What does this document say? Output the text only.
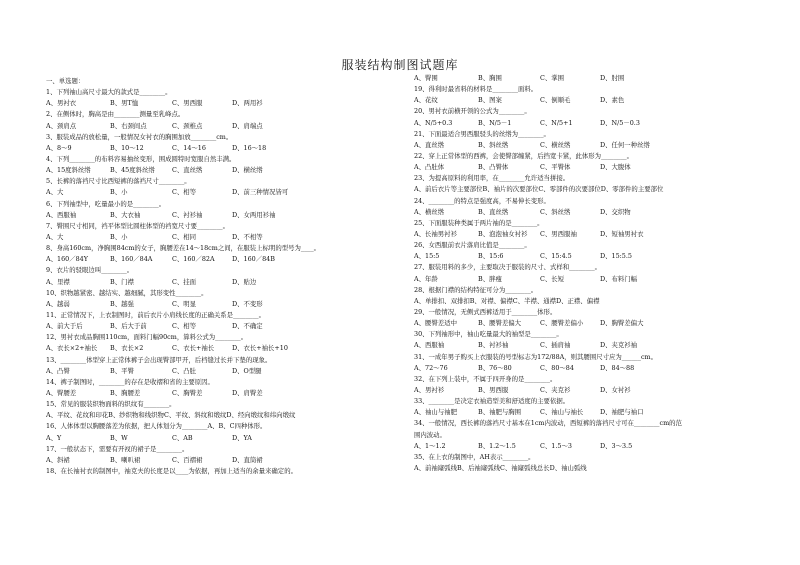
服装结构制图试题库
一、单选题：
1、下列袖山高尺寸最大的款式是________。
A、男衬衣	B、男T恤	C、男西服	D、两用衫
2、在侧体时，胸高是由________测量至乳峰点。
A、颈肩点	B、右颈间点	C、颈椎点	D、肩端点
3、服装成品的放松量，一般情况女衬衣的胸围加放________cm。
A、8～9	B、10～12	C、14～16	D、16～18
4、下列________的布料容易抽丝变形，围成圆特时宽服自然丰满。
A、15度斜丝绺	B、45度斜丝绺	C、直丝绺	D、横丝绺
5、长裤的落裆尺寸比西短裤的落裆尺寸________。
A、大	B、小	C、相等	D、前三种情况皆可
6、下列袖型中，吃量最小的是________。
A、西服袖	B、大衣袖	C、衬衫袖	D、女两用衫袖
7、臀围尺寸相同，裆平体型比圆柱体型的裆宽尺寸要________。
A、大	B、小	C、相同	D、不相等
8、身高160cm，净胸围84cm的女子，胸腰差在14～18cm之间，在服装上标明的型号为____。
A、160／84Y	B、160／84A	C、160／82A	D、160／84B
9、衣片的驳眼边叫________。
A、里襟	B、门襟	C、挂面	D、贴边
10、织物越紧密、越结实、越细腻，其形变性________。
A、越弱	B、越强	C、明显	D、不变形
11、正常情况下，上衣制图时，前后衣片小肩线长度的正确关系是________。
A、前大于后	B、后大于前	C、相等	D、不确定
12、男衬衣成品胸围110cm，面料门幅90cm，算料公式为________。
A、衣长×2+袖长	B、衣长×2	C、衣长+袖长	D、衣长+袖长+10
13、________体型穿上正常体裤子会出现臀部甲开，后档缝过长并下垫的现象。
A、凸臀	B、平臀	C、凸肚	D、O型腿
14、裤子制图时，________的存在是收褶和省的主要原因。
A、臀腰差	B、胸腰差	C、胸臀差	D、肩臀差
15、常见的服装织物面料的织纹有________。
A、平纹、花纹和印花B、纱织物和线织物C、平纹、斜纹和缎纹D、经向缎纹和纬向缎纹
16、人体体型以胸腰落差为依据，把人体划分为________A、B、C四种体形。
A、Y	B、W	C、AB	D、YA
17、一般状态下，需要有开衩的裙子是________。
A、斜裙	B、喇叭裙	C、百褶裙	D、直筒裙
18、在长袖衬衣的制图中，袖克夫的长度是以____为依据，再加上适当的余量来确定的。
A、臀围	B、胸围	C、掌围	D、肘围
19、得利时最省料的材料是________面料。
A、花纹	B、图案	C、倒顺毛	D、素色
20、男衬衣前横开领的公式为________。
A、N/5+0.3	B、N/5－1	C、N/5+1	D、N/5－0.3
21、下面最适合男西服驳头的丝绺为________。
A、直丝绺	B、斜丝绺	C、横丝绺	D、任何一种丝绺
22、穿上正常体型的西裤，会使臀部缠紧，后挡宽卡紧，此体形为________。
A、凸肚体	B、凸臀体	C、平臀体	D、大腹体
23、为提高原料的利用率，在________允许适当拼接。
A、前后衣片等主要部位B、袖片的次要部位C、零部件的次要部位D、零部件的主要部位
24、________的特点是强度高，不易伸长变形。
A、横丝绺	B、直丝绺	C、斜丝绺	D、交织物
25、下面服装种类属于两片袖的是________。
A、长袖男衬衫	B、泡泡袖女衬衫	C、男西服袖	D、短袖男衬衣
26、女西服前衣片落肩比值是________。
A、15:5	B、15:6	C、15:4.5	D、15:5.5
27、服装用料的多少，主要取决于服装的尺寸、式样和________。
A、年龄	B、胖瘦	C、长短	D、布料门幅
28、根据门襟的结构特征可分为________。
A、单排扣、双排扣B、对襟、偏襟C、半襟、通襟D、正襟、偏襟
29、一般情况，无侧式西裤适用于________体形。
A、腰臀差适中	B、腰臀差偏大	C、腰臀差偏小	D、胸臀差偏大
30、下列袖形中，袖山吃量最大的袖型是________。
A、西服袖	B、衬衫袖	C、插肩袖	D、夹克衫袖
31、一成年男子购买上衣服装的号型标志为172/88A，则其腰围尺寸应为______cm。
A、72～76	B、76～80	C、80～84	D、84～88
32、在下列上装中，不属于四开身的是________。
A、男衬衫	B、男西服	C、夹克衫	D、女衬衫
33、________是决定衣袖造型美和舒适度的主要依据。
A、袖山与袖肥	B、袖肥与胸围	C、袖山与袖长	D、袖肥与袖口
34、一般情况，西长裤的落裆尺寸基本在1cm内波动，西短裤的落裆尺寸可在________cm的范
围内波动。
A、1～1.2	B、1.2～1.5	C、1.5～3	D、3～3.5
35、在上衣的制图中，AH表示________。
A、前袖窿弧线B、后袖窿弧线C、袖窿弧线总长D、袖山弧线
